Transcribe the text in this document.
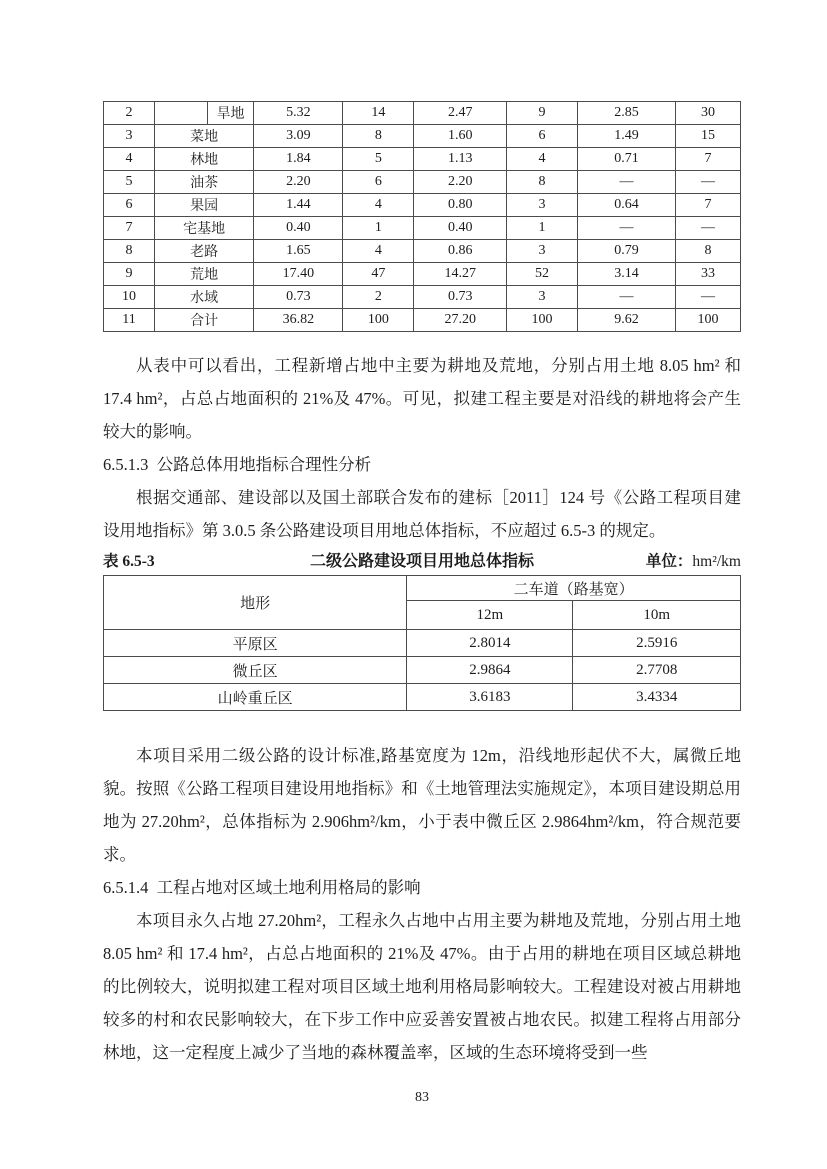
2		旱地	5.32	14	2.47	9	2.85	30
3	菜地		3.09	8	1.60	6	1.49	15
4	林地		1.84	5	1.13	4	0.71	7
5	油茶		2.20	6	2.20	8	—	—
6	果园		1.44	4	0.80	3	0.64	7
7	宅基地		0.40	1	0.40	1	—	—
8	老路		1.65	4	0.86	3	0.79	8
9	荒地		17.40	47	14.27	52	3.14	33
10	水域		0.73	2	0.73	3	—	—
11	合计		36.82	100	27.20	100	9.62	100

从表中可以看出，工程新增占地中主要为耕地及荒地，分别占用土地 8.05 hm² 和 17.4 hm²，占总占地面积的 21%及 47%。可见，拟建工程主要是对沿线的耕地将会产生较大的影响。

6.5.1.3  公路总体用地指标合理性分析

根据交通部、建设部以及国土部联合发布的建标［2011］124 号《公路工程项目建设用地指标》第 3.0.5 条公路建设项目用地总体指标，不应超过 6.5-3 的规定。

表 6.5-3	二级公路建设项目用地总体指标	单位：hm²/km
地形	二车道（路基宽）	
	12m	10m
平原区	2.8014	2.5916
微丘区	2.9864	2.7708
山岭重丘区	3.6183	3.4334

本项目采用二级公路的设计标准,路基宽度为 12m，沿线地形起伏不大，属微丘地貌。按照《公路工程项目建设用地指标》和《土地管理法实施规定》，本项目建设期总用地为 27.20hm²，总体指标为 2.906hm²/km，小于表中微丘区 2.9864hm²/km，符合规范要求。

6.5.1.4  工程占地对区域土地利用格局的影响

本项目永久占地 27.20hm²，工程永久占地中占用主要为耕地及荒地，分别占用土地 8.05 hm² 和 17.4 hm²，占总占地面积的 21%及 47%。由于占用的耕地在项目区域总耕地的比例较大，说明拟建工程对项目区域土地利用格局影响较大。工程建设对被占用耕地较多的村和农民影响较大，在下步工作中应妥善安置被占地农民。拟建工程将占用部分林地，这一定程度上减少了当地的森林覆盖率，区域的生态环境将受到一些

83
